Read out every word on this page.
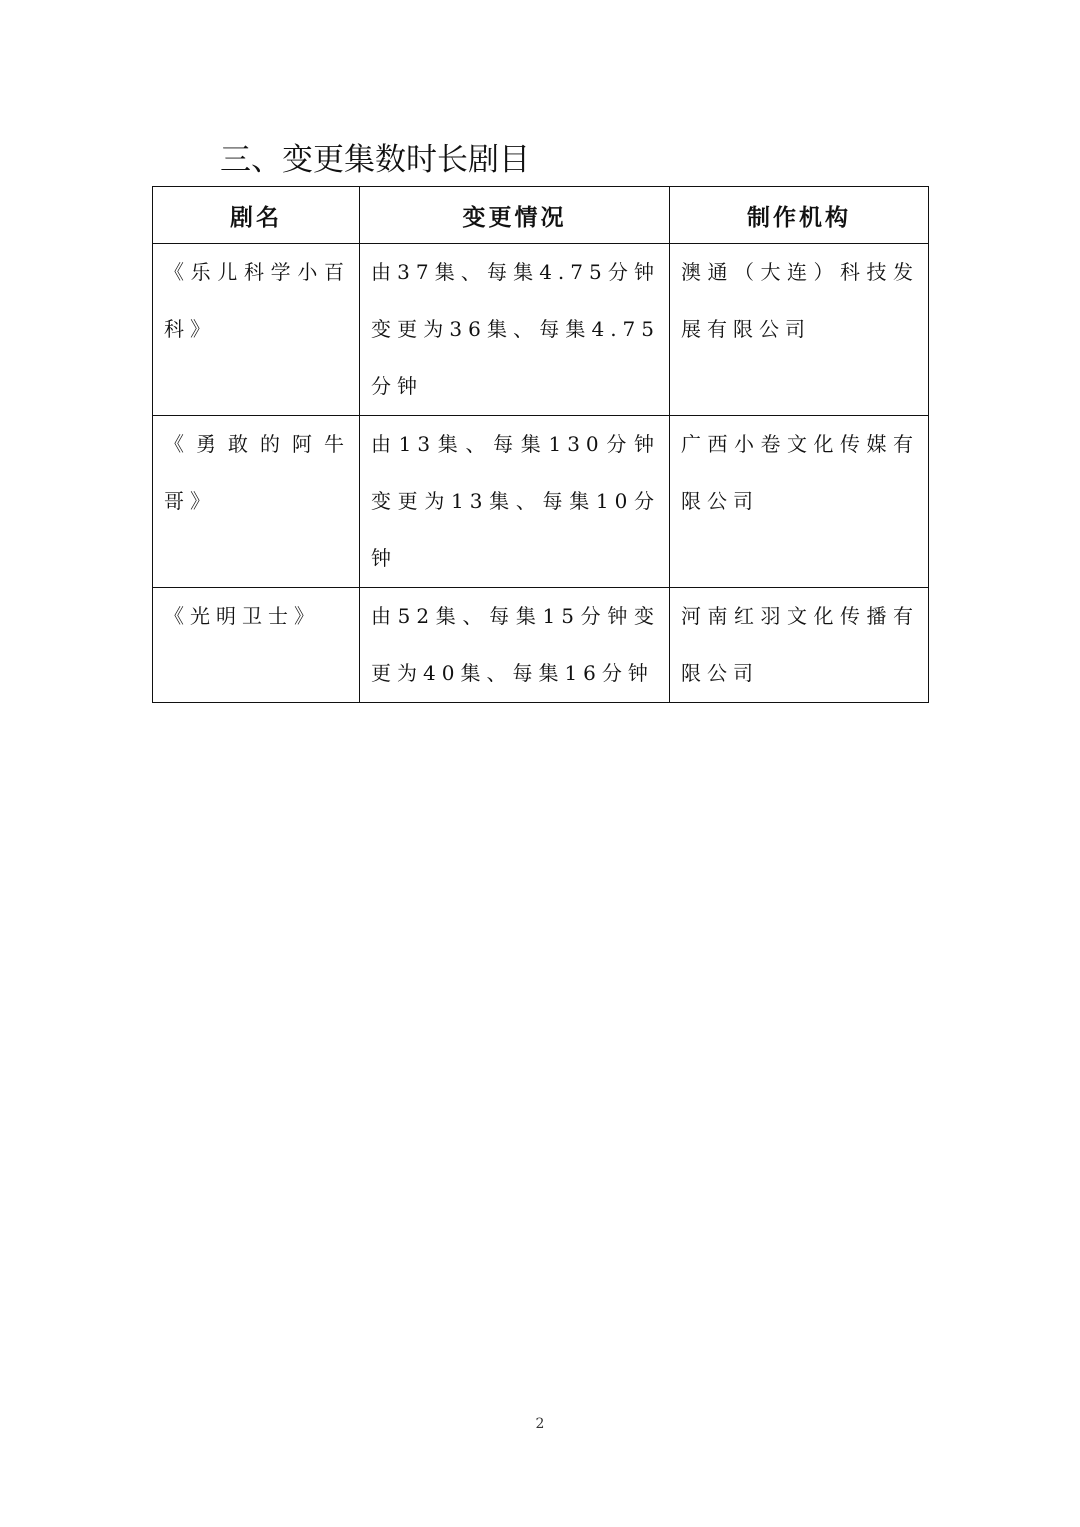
三、变更集数时长剧目
剧名	变更情况	制作机构

《乐儿科学小百科》	由37集、每集4.75分钟变更为36集、每集4.75分钟	澳通（大连）科技发展有限公司

《勇敢的阿牛哥》	由13集、每集130分钟变更为13集、每集10分钟	广西小卷文化传媒有限公司

《光明卫士》	由52集、每集15分钟变更为40集、每集16分钟	河南红羽文化传播有限公司
2
